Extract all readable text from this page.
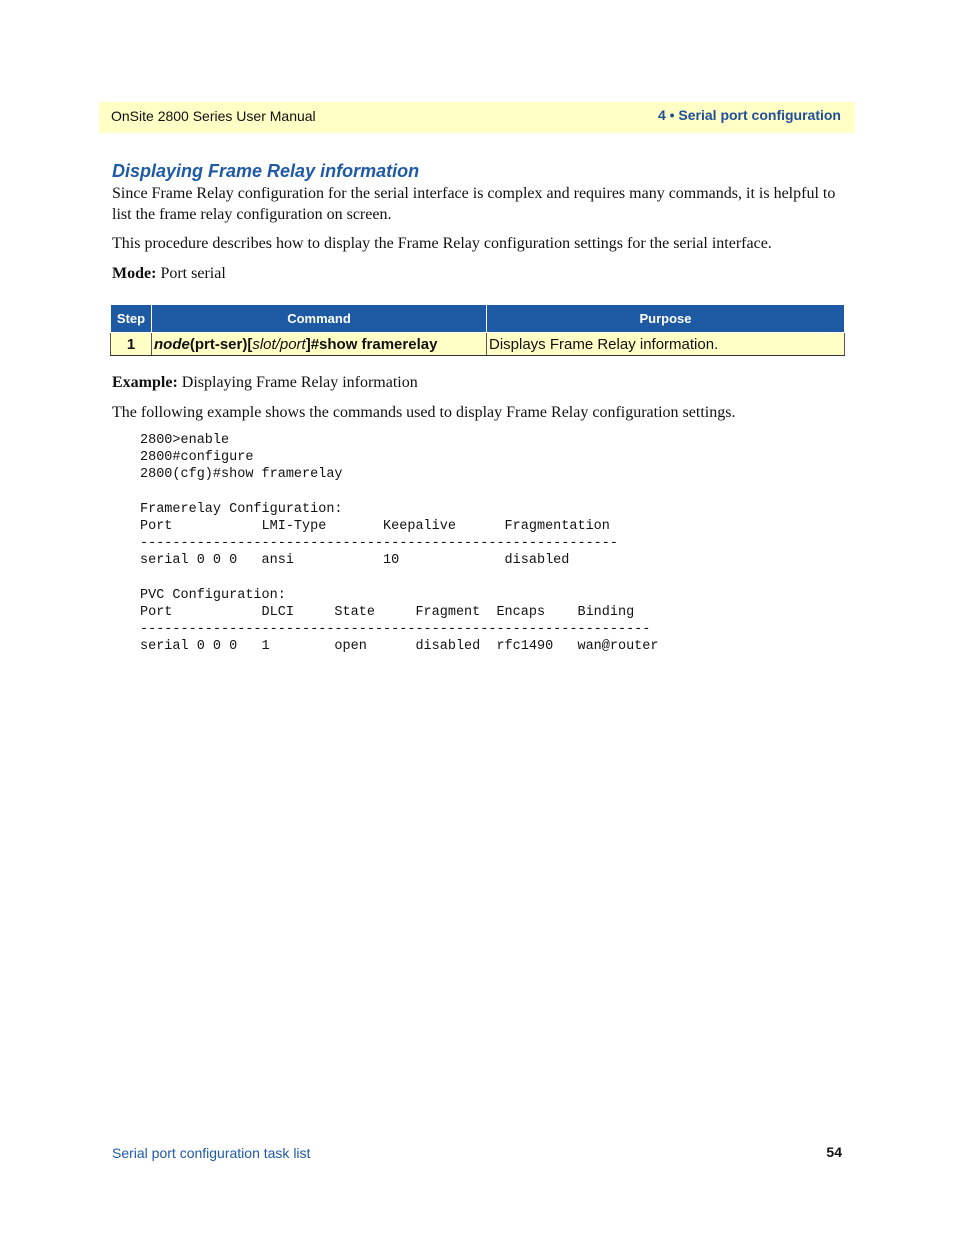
OnSite 2800 Series User Manual	4 • Serial port configuration
Displaying Frame Relay information
Since Frame Relay configuration for the serial interface is complex and requires many commands, it is helpful to list the frame relay configuration on screen.
This procedure describes how to display the Frame Relay configuration settings for the serial interface.
Mode: Port serial
Step	Command	Purpose
1	node(prt-ser)[slot/port]#show framerelay	Displays Frame Relay information.
Example: Displaying Frame Relay information
The following example shows the commands used to display Frame Relay configuration settings.
2800>enable
2800#configure
2800(cfg)#show framerelay

Framerelay Configuration:
Port           LMI-Type       Keepalive      Fragmentation
-----------------------------------------------------------
serial 0 0 0   ansi           10             disabled

PVC Configuration:
Port           DLCI     State     Fragment  Encaps    Binding
---------------------------------------------------------------
serial 0 0 0   1        open      disabled  rfc1490   wan@router
Serial port configuration task list	54
